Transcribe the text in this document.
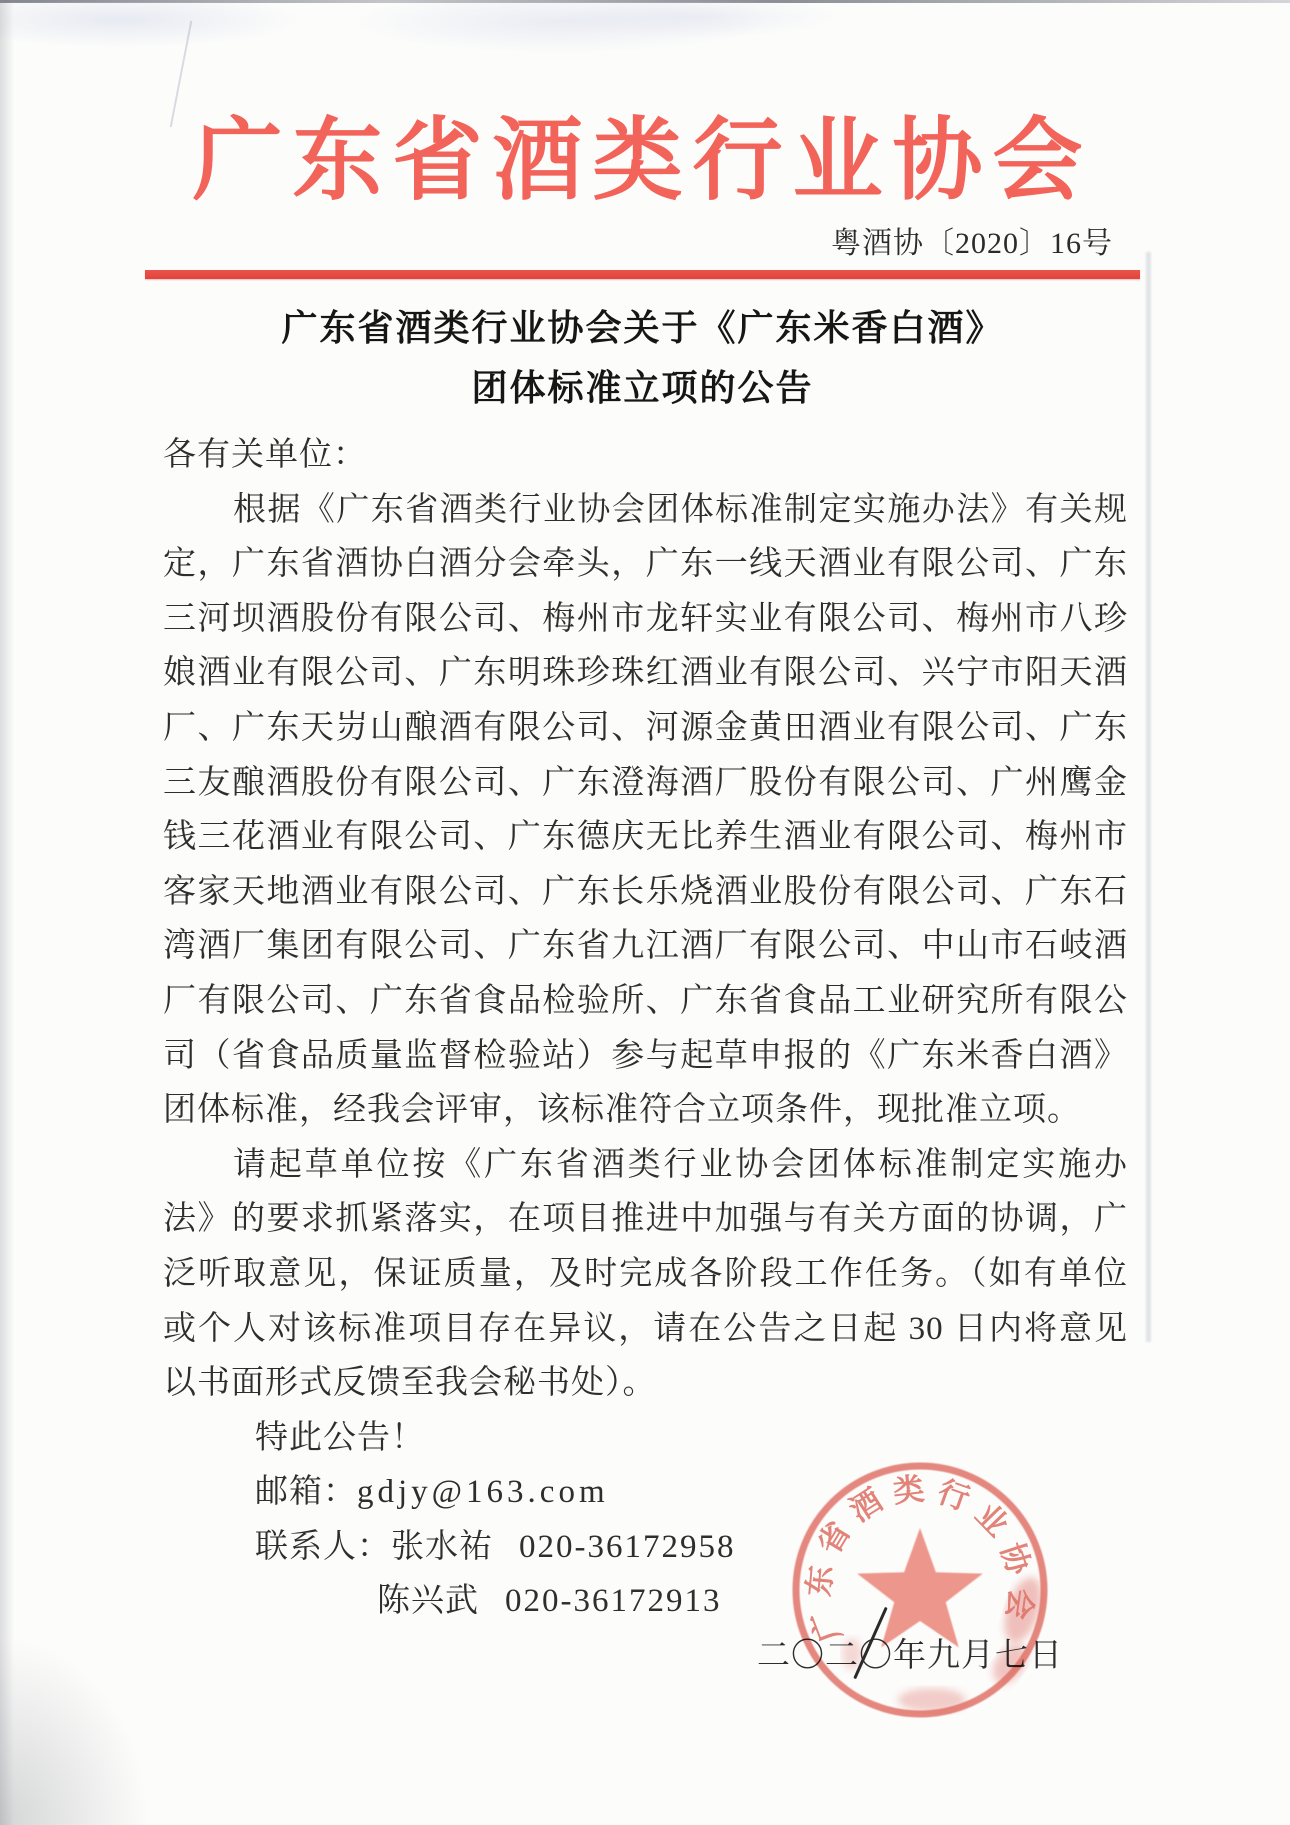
广东省酒类行业协会
粤酒协〔2020〕16号
广东省酒类行业协会关于《广东米香白酒》
团体标准立项的公告
各有关单位：
根据《广东省酒类行业协会团体标准制定实施办法》有关规
定，广东省酒协白酒分会牵头，广东一线天酒业有限公司、广东
三河坝酒股份有限公司、梅州市龙轩实业有限公司、梅州市八珍
娘酒业有限公司、广东明珠珍珠红酒业有限公司、兴宁市阳天酒
厂、广东天岃山酿酒有限公司、河源金黄田酒业有限公司、广东
三友酿酒股份有限公司、广东澄海酒厂股份有限公司、广州鹰金
钱三花酒业有限公司、广东德庆无比养生酒业有限公司、梅州市
客家天地酒业有限公司、广东长乐烧酒业股份有限公司、广东石
湾酒厂集团有限公司、广东省九江酒厂有限公司、中山市石岐酒
厂有限公司、广东省食品检验所、广东省食品工业研究所有限公
司（省食品质量监督检验站）参与起草申报的《广东米香白酒》
团体标准，经我会评审，该标准符合立项条件，现批准立项。
请起草单位按《广东省酒类行业协会团体标准制定实施办
法》的要求抓紧落实，在项目推进中加强与有关方面的协调，广
泛听取意见，保证质量，及时完成各阶段工作任务。（如有单位
或个人对该标准项目存在异议，请在公告之日起 30 日内将意见
以书面形式反馈至我会秘书处）。
特此公告！
邮箱：gdjy@163.com
联系人：张水祐 020-36172958
陈兴武 020-36172913
二〇二〇年九月七日
广
东
省
酒 类 行
业
协
会
